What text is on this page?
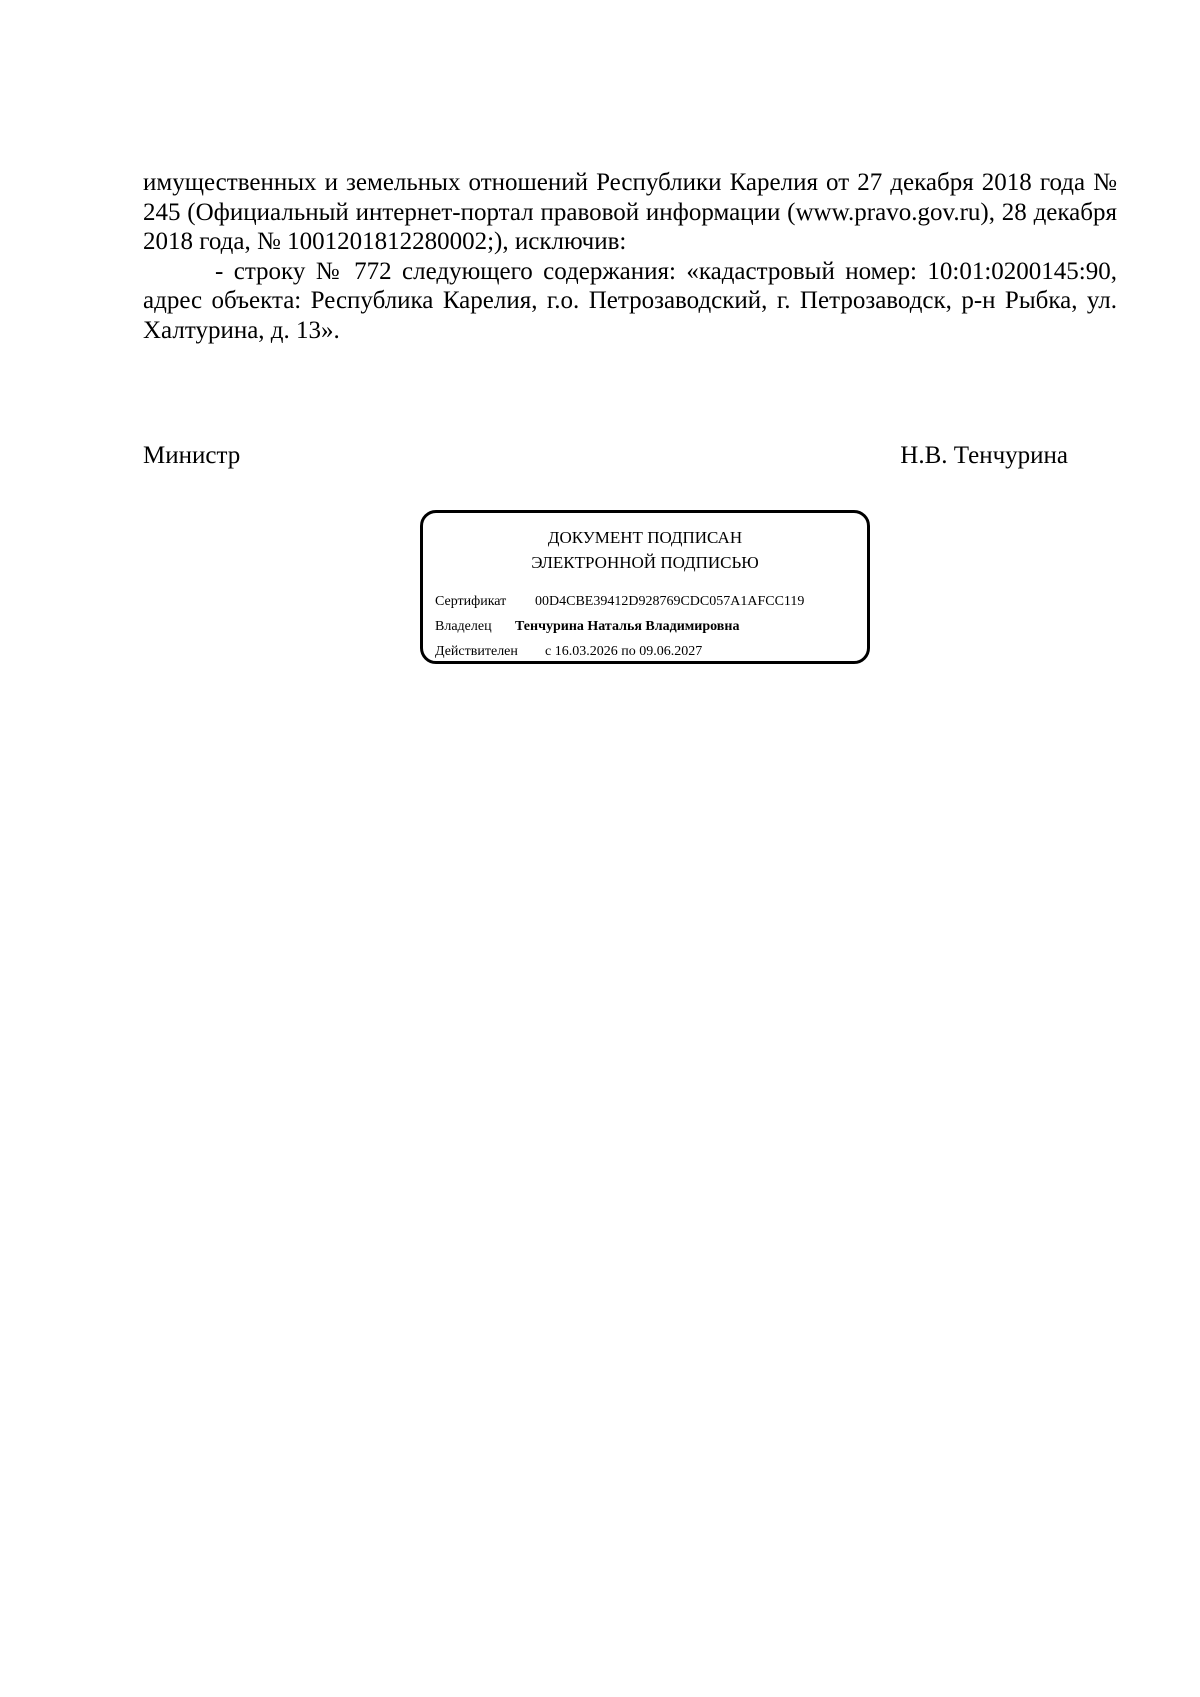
имущественных и земельных отношений Республики Карелия от 27 декабря 2018 года № 245 (Официальный интернет-портал правовой информации (www.pravo.gov.ru), 28 декабря 2018 года, № 1001201812280002;), исключив:

- строку № 772 следующего содержания: «кадастровый номер: 10:01:0200145:90, адрес объекта: Республика Карелия, г.о. Петрозаводский, г. Петрозаводск, р-н Рыбка, ул. Халтурина, д. 13».

Министр	Н.В. Тенчурина
ДОКУМЕНТ ПОДПИСАН
ЭЛЕКТРОННОЙ ПОДПИСЬЮ
Сертификат 00D4CBE39412D928769CDC057A1AFCC119
Владелец Тенчурина Наталья Владимировна
Действителен с 16.03.2026 по 09.06.2027
